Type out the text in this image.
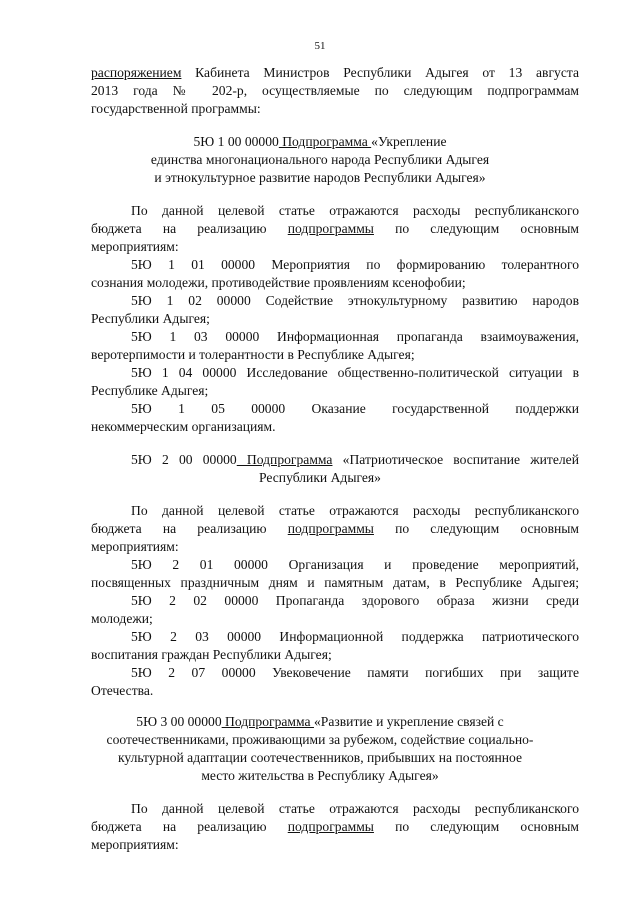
51
распоряжением Кабинета Министров Республики Адыгея от 13 августа
2013 года № 202-р, осуществляемые по следующим подпрограммам
государственной программы:
5Ю 1 00 00000 Подпрограмма «Укрепление
единства многонационального народа Республики Адыгея
и этнокультурное развитие народов Республики Адыгея»
По данной целевой статье отражаются расходы республиканского
бюджета на реализацию подпрограммы по следующим основным
мероприятиям:
5Ю 1 01 00000 Мероприятия по формированию толерантного
сознания молодежи, противодействие проявлениям ксенофобии;
5Ю 1 02 00000 Содействие этнокультурному развитию народов
Республики Адыгея;
5Ю 1 03 00000 Информационная пропаганда взаимоуважения,
веротерпимости и толерантности в Республике Адыгея;
5Ю 1 04 00000 Исследование общественно-политической ситуации в
Республике Адыгея;
5Ю 1 05 00000 Оказание государственной поддержки
некоммерческим организациям.
5Ю 2 00 00000 Подпрограмма «Патриотическое воспитание жителей
Республики Адыгея»
По данной целевой статье отражаются расходы республиканского
бюджета на реализацию подпрограммы по следующим основным
мероприятиям:
5Ю 2 01 00000 Организация и проведение мероприятий,
посвященных праздничным дням и памятным датам, в Республике Адыгея;
5Ю 2 02 00000 Пропаганда здорового образа жизни среди
молодежи;
5Ю 2 03 00000 Информационной поддержка патриотического
воспитания граждан Республики Адыгея;
5Ю 2 07 00000 Увековечение памяти погибших при защите
Отечества.
5Ю 3 00 00000 Подпрограмма «Развитие и укрепление связей с
соотечественниками, проживающими за рубежом, содействие социально-
культурной адаптации соотечественников, прибывших на постоянное
место жительства в Республику Адыгея»
По данной целевой статье отражаются расходы республиканского
бюджета на реализацию подпрограммы по следующим основным
мероприятиям:
